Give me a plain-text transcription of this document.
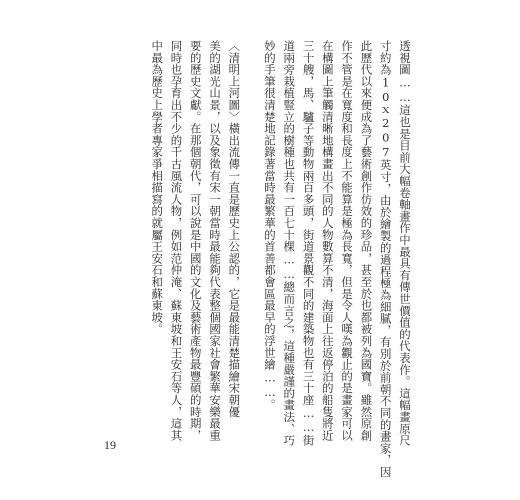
透視圖……這也是目前大幅卷軸畫作中最具有傳世價值的代表作。這幅畫原尺
寸約為10ｘ207英寸，由於繪製的過程極為細膩，有別於前朝不同的畫家，因
此歷代以來便成為了藝術創作仿效的珍品，甚至於也都被列為國寶。雖然原創
作不管是在寬度和長度上不能算是極為長寬，但是令人嘆為觀止的是畫家可以
在構圖上筆觸清晰地構畫出不同的人物數算不清，海面上往返停泊的船隻將近
三十艘，馬、驢子等動物兩百多頭，街道景觀不同的建築物也有三十座……街
道兩旁栽植豎立的樹種也共有一百七十棵……總而言之，這種嚴謹的畫法、巧
妙的手筆很清楚地記錄著當時最繁華的首善都會區最早的浮世繪……。
〈清明上河圖〉橫出流傳一直是歷史上公認的，它是最能清楚描繪宋朝優
美的湖光山景，以及象徵有宋一朝當時最能夠代表整個國家社會繁華安樂最重
要的歷史文獻。在那個朝代，可以說是中國的文化及藝術產物最豐碩的時期，
同時也孕育出不少的千古風流人物，例如范仲淹、蘇東坡和王安石等人，這其
中最為歷史上學者專家爭相描寫的就屬王安石和蘇東坡。
19
